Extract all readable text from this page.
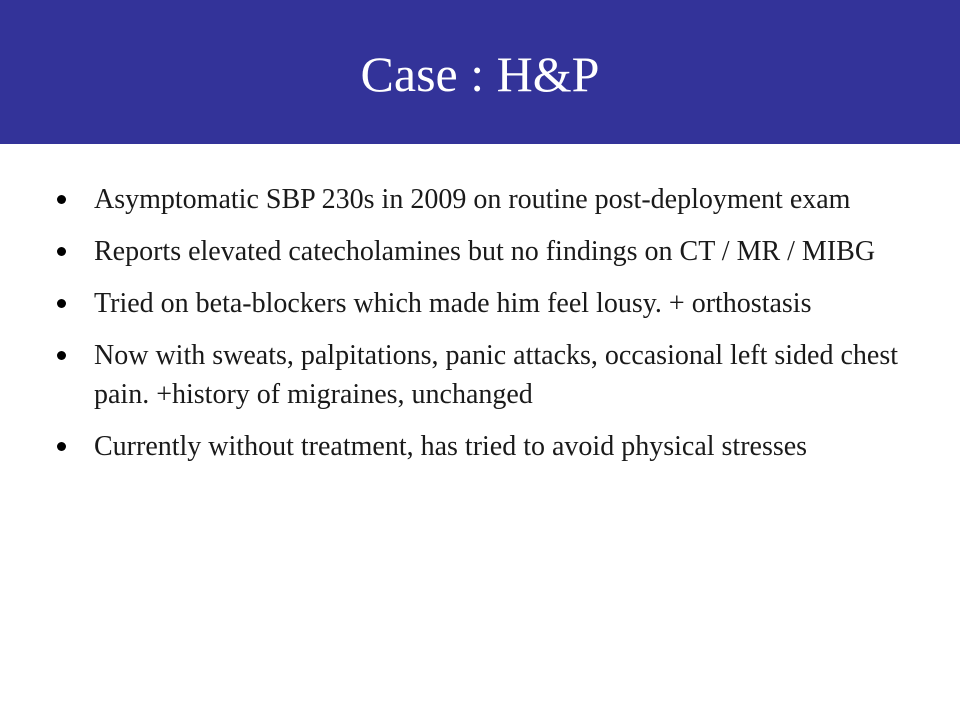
Case : H&P
Asymptomatic SBP 230s in 2009 on routine post-deployment exam
Reports elevated catecholamines but no findings on CT / MR / MIBG
Tried on beta-blockers which made him feel lousy. + orthostasis
Now with sweats, palpitations, panic attacks, occasional left sided chest pain. +history of migraines, unchanged
Currently without treatment, has tried to avoid physical stresses
